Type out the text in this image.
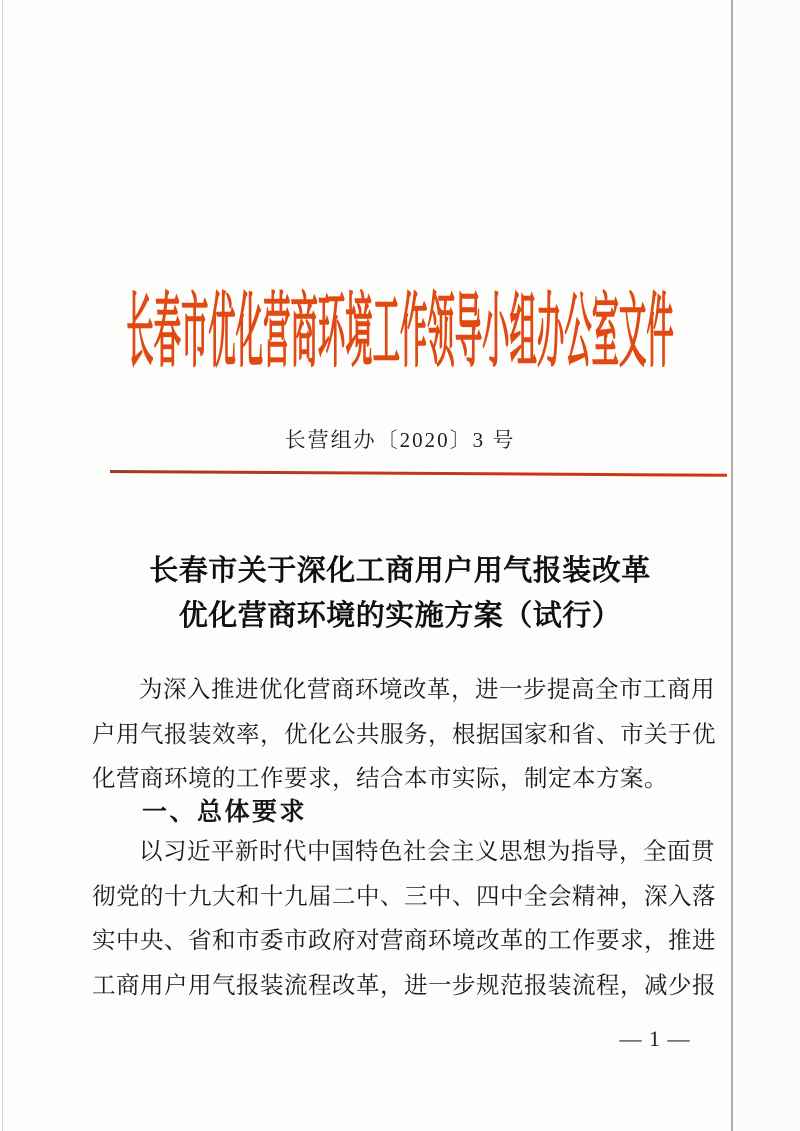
长春市优化营商环境工作领导小组办公室文件
长营组办〔2020〕3 号
长春市关于深化工商用户用气报装改革
优化营商环境的实施方案（试行）
为深入推进优化营商环境改革，进一步提高全市工商用
户用气报装效率，优化公共服务，根据国家和省、市关于优
化营商环境的工作要求，结合本市实际，制定本方案。
一、总体要求
以习近平新时代中国特色社会主义思想为指导，全面贯
彻党的十九大和十九届二中、三中、四中全会精神，深入落
实中央、省和市委市政府对营商环境改革的工作要求，推进
工商用户用气报装流程改革，进一步规范报装流程，减少报
— 1 —
